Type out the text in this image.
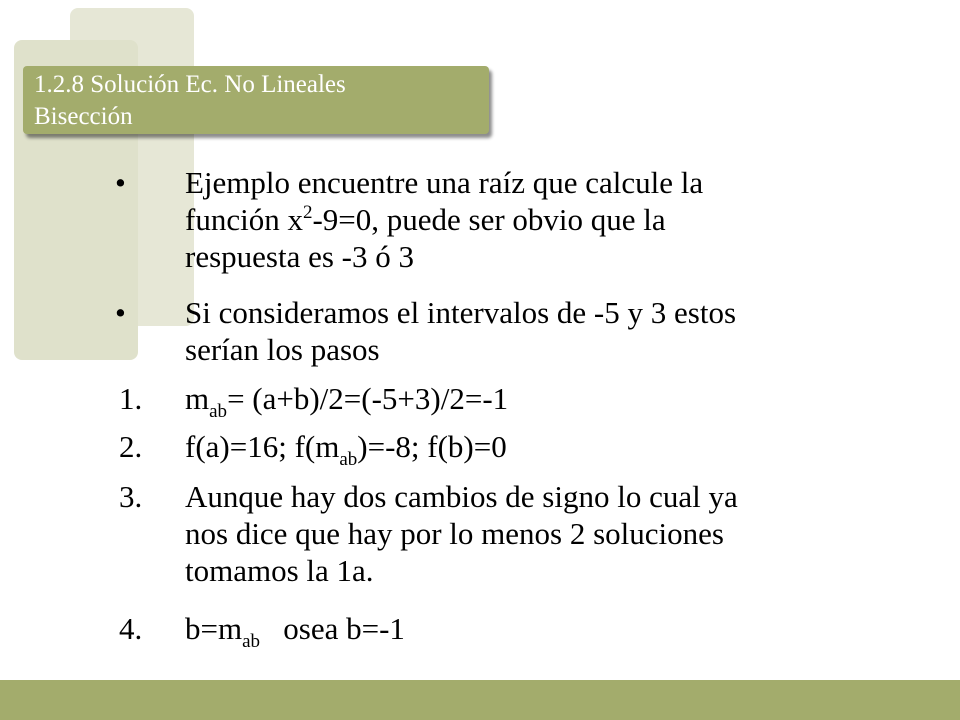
1.2.8 Solución Ec. No Lineales
Bisección
• Ejemplo encuentre una raíz que calcule la
función $x^2-9=0$, puede ser obvio que la
respuesta es -3 ó 3
• Si consideramos el intervalos de -5 y 3 estos
serían los pasos
1. $m_{ab}= (a+b)/2=(-5+3)/2=-1$
2. f(a)=16; $f(m_{ab})=-8$; f(b)=0
3. Aunque hay dos cambios de signo lo cual ya
nos dice que hay por lo menos 2 soluciones
tomamos la 1a.
4. $b=m_{ab}$   osea b=-1
